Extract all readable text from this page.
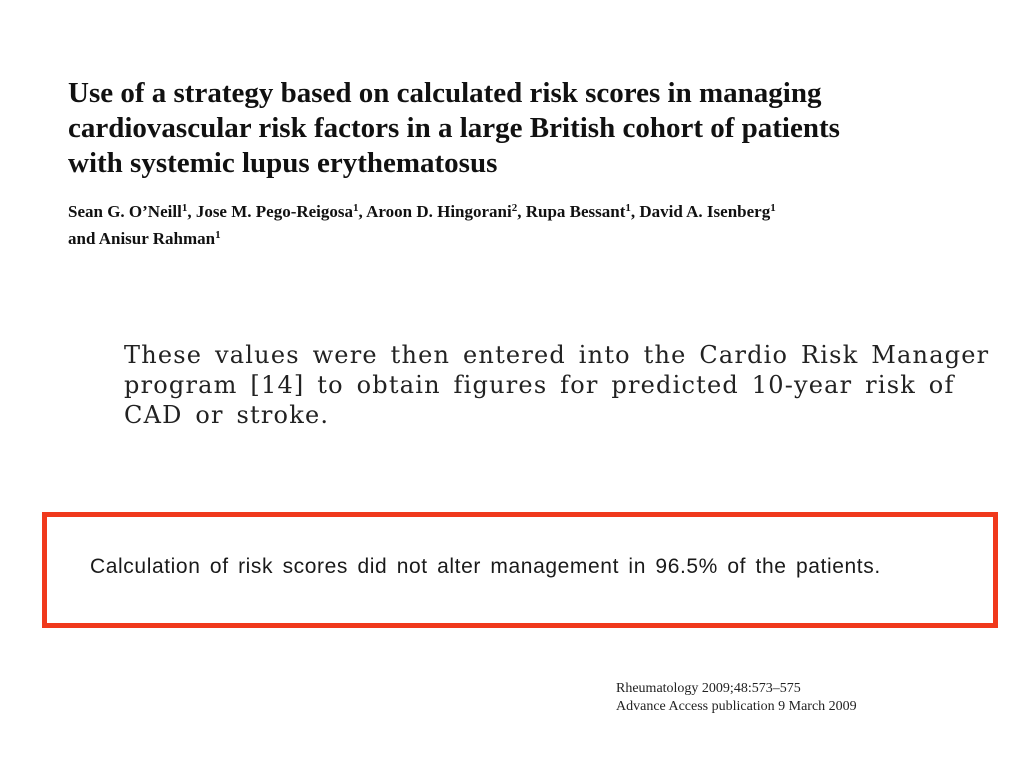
Use of a strategy based on calculated risk scores in managing
cardiovascular risk factors in a large British cohort of patients
with systemic lupus erythematosus
Sean G. O’Neill$^1$, Jose M. Pego-Reigosa$^1$, Aroon D. Hingorani$^2$, Rupa Bessant$^1$, David A. Isenberg$^1$
and Anisur Rahman$^1$
These values were then entered into the Cardio Risk Manager
program [14] to obtain figures for predicted 10-year risk of
CAD or stroke.
Calculation of risk scores did not alter management in 96.5% of the patients.
Rheumatology 2009;48:573–575
Advance Access publication 9 March 2009
